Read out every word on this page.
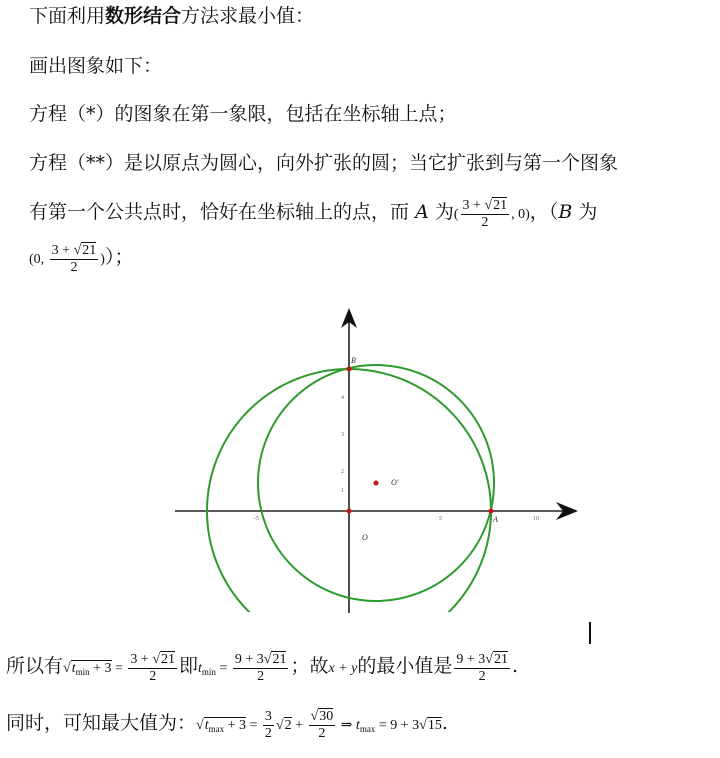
下面利用数形结合方法求最小值：
画出图象如下：
方程（*）的图象在第一象限，包括在坐标轴上点；
方程（**）是以原点为圆心，向外扩张的圆；当它扩张到与第一个图象
有第一个公共点时，恰好在坐标轴上的点，而 A 为( $\frac{3 + √21}{2}$ , 0)，（B 为
(0, $\frac{3 + √21}{2}$ )）；
B
A
O'
O
4
3
2
1
-5	5	10
所以有$√t_{min} + 3 = \frac{3 + √21}{2}$ 即$t_{min} = \frac{9 + 3√21}{2}$ ；故x + y的最小值是 $\frac{9 + 3√21}{2}$ .
同时，可知最大值为：$√t_{max} + 3 = \frac{3}{2} √2 + \frac{√30}{2}$ ⇒ $t_{max} = 9 + 3√15$.
